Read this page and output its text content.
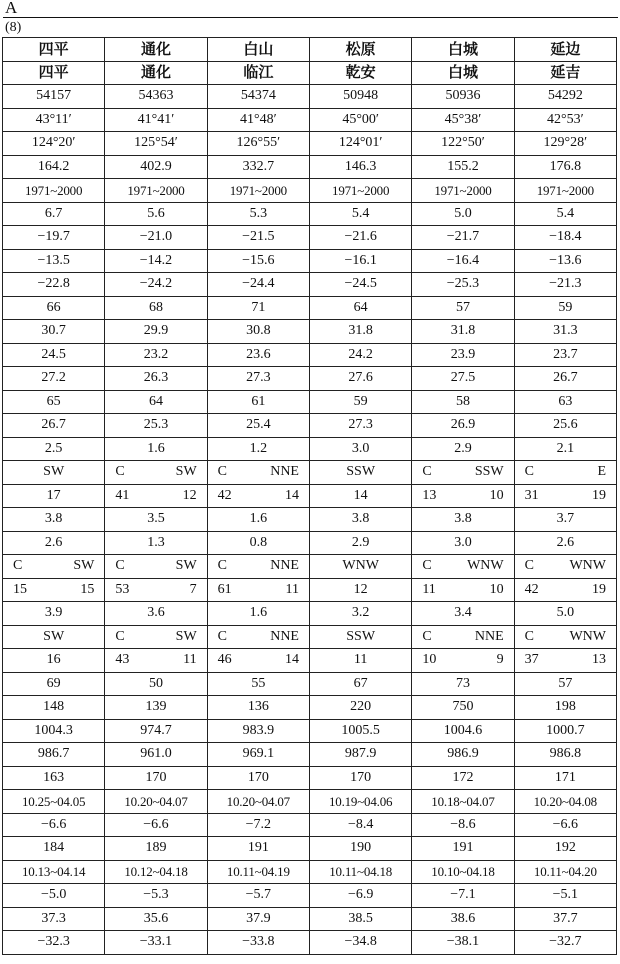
A
(8)
四平	通化	白山	松原	白城	延边
四平	通化	临江	乾安	白城	延吉
54157	54363	54374	50948	50936	54292
43°11′	41°41′	41°48′	45°00′	45°38′	42°53′
124°20′	125°54′	126°55′	124°01′	122°50′	129°28′
164.2	402.9	332.7	146.3	155.2	176.8
1971~2000	1971~2000	1971~2000	1971~2000	1971~2000	1971~2000
6.7	5.6	5.3	5.4	5.0	5.4
−19.7	−21.0	−21.5	−21.6	−21.7	−18.4
−13.5	−14.2	−15.6	−16.1	−16.4	−13.6
−22.8	−24.2	−24.4	−24.5	−25.3	−21.3
66	68	71	64	57	59
30.7	29.9	30.8	31.8	31.8	31.3
24.5	23.2	23.6	24.2	23.9	23.7
27.2	26.3	27.3	27.6	27.5	26.7
65	64	61	59	58	63
26.7	25.3	25.4	27.3	26.9	25.6
2.5	1.6	1.2	3.0	2.9	2.1
SW	C SW	C NNE	SSW	C SSW	C E

17	41 12	42 14	14	13 10	31 19

3.8	3.5	1.6	3.8	3.8	3.7
2.6	1.3	0.8	2.9	3.0	2.6

C SW	C SW	C NNE	WNW	C WNW	C WNW

15 15	53 7	61 11	12	11 10	42 19

3.9	3.6	1.6	3.2	3.4	5.0
SW	C SW	C NNE	SSW	C NNE	C WNW

16	43 11	46 14	11	10 9	37 13

69	50	55	67	73	57
148	139	136	220	750	198
1004.3	974.7	983.9	1005.5	1004.6	1000.7
986.7	961.0	969.1	987.9	986.9	986.8
163	170	170	170	172	171
10.25~04.05	10.20~04.07	10.20~04.07	10.19~04.06	10.18~04.07	10.20~04.08
−6.6	−6.6	−7.2	−8.4	−8.6	−6.6
184	189	191	190	191	192
10.13~04.14	10.12~04.18	10.11~04.19	10.11~04.18	10.10~04.18	10.11~04.20
−5.0	−5.3	−5.7	−6.9	−7.1	−5.1
37.3	35.6	37.9	38.5	38.6	37.7
−32.3	−33.1	−33.8	−34.8	−38.1	−32.7
